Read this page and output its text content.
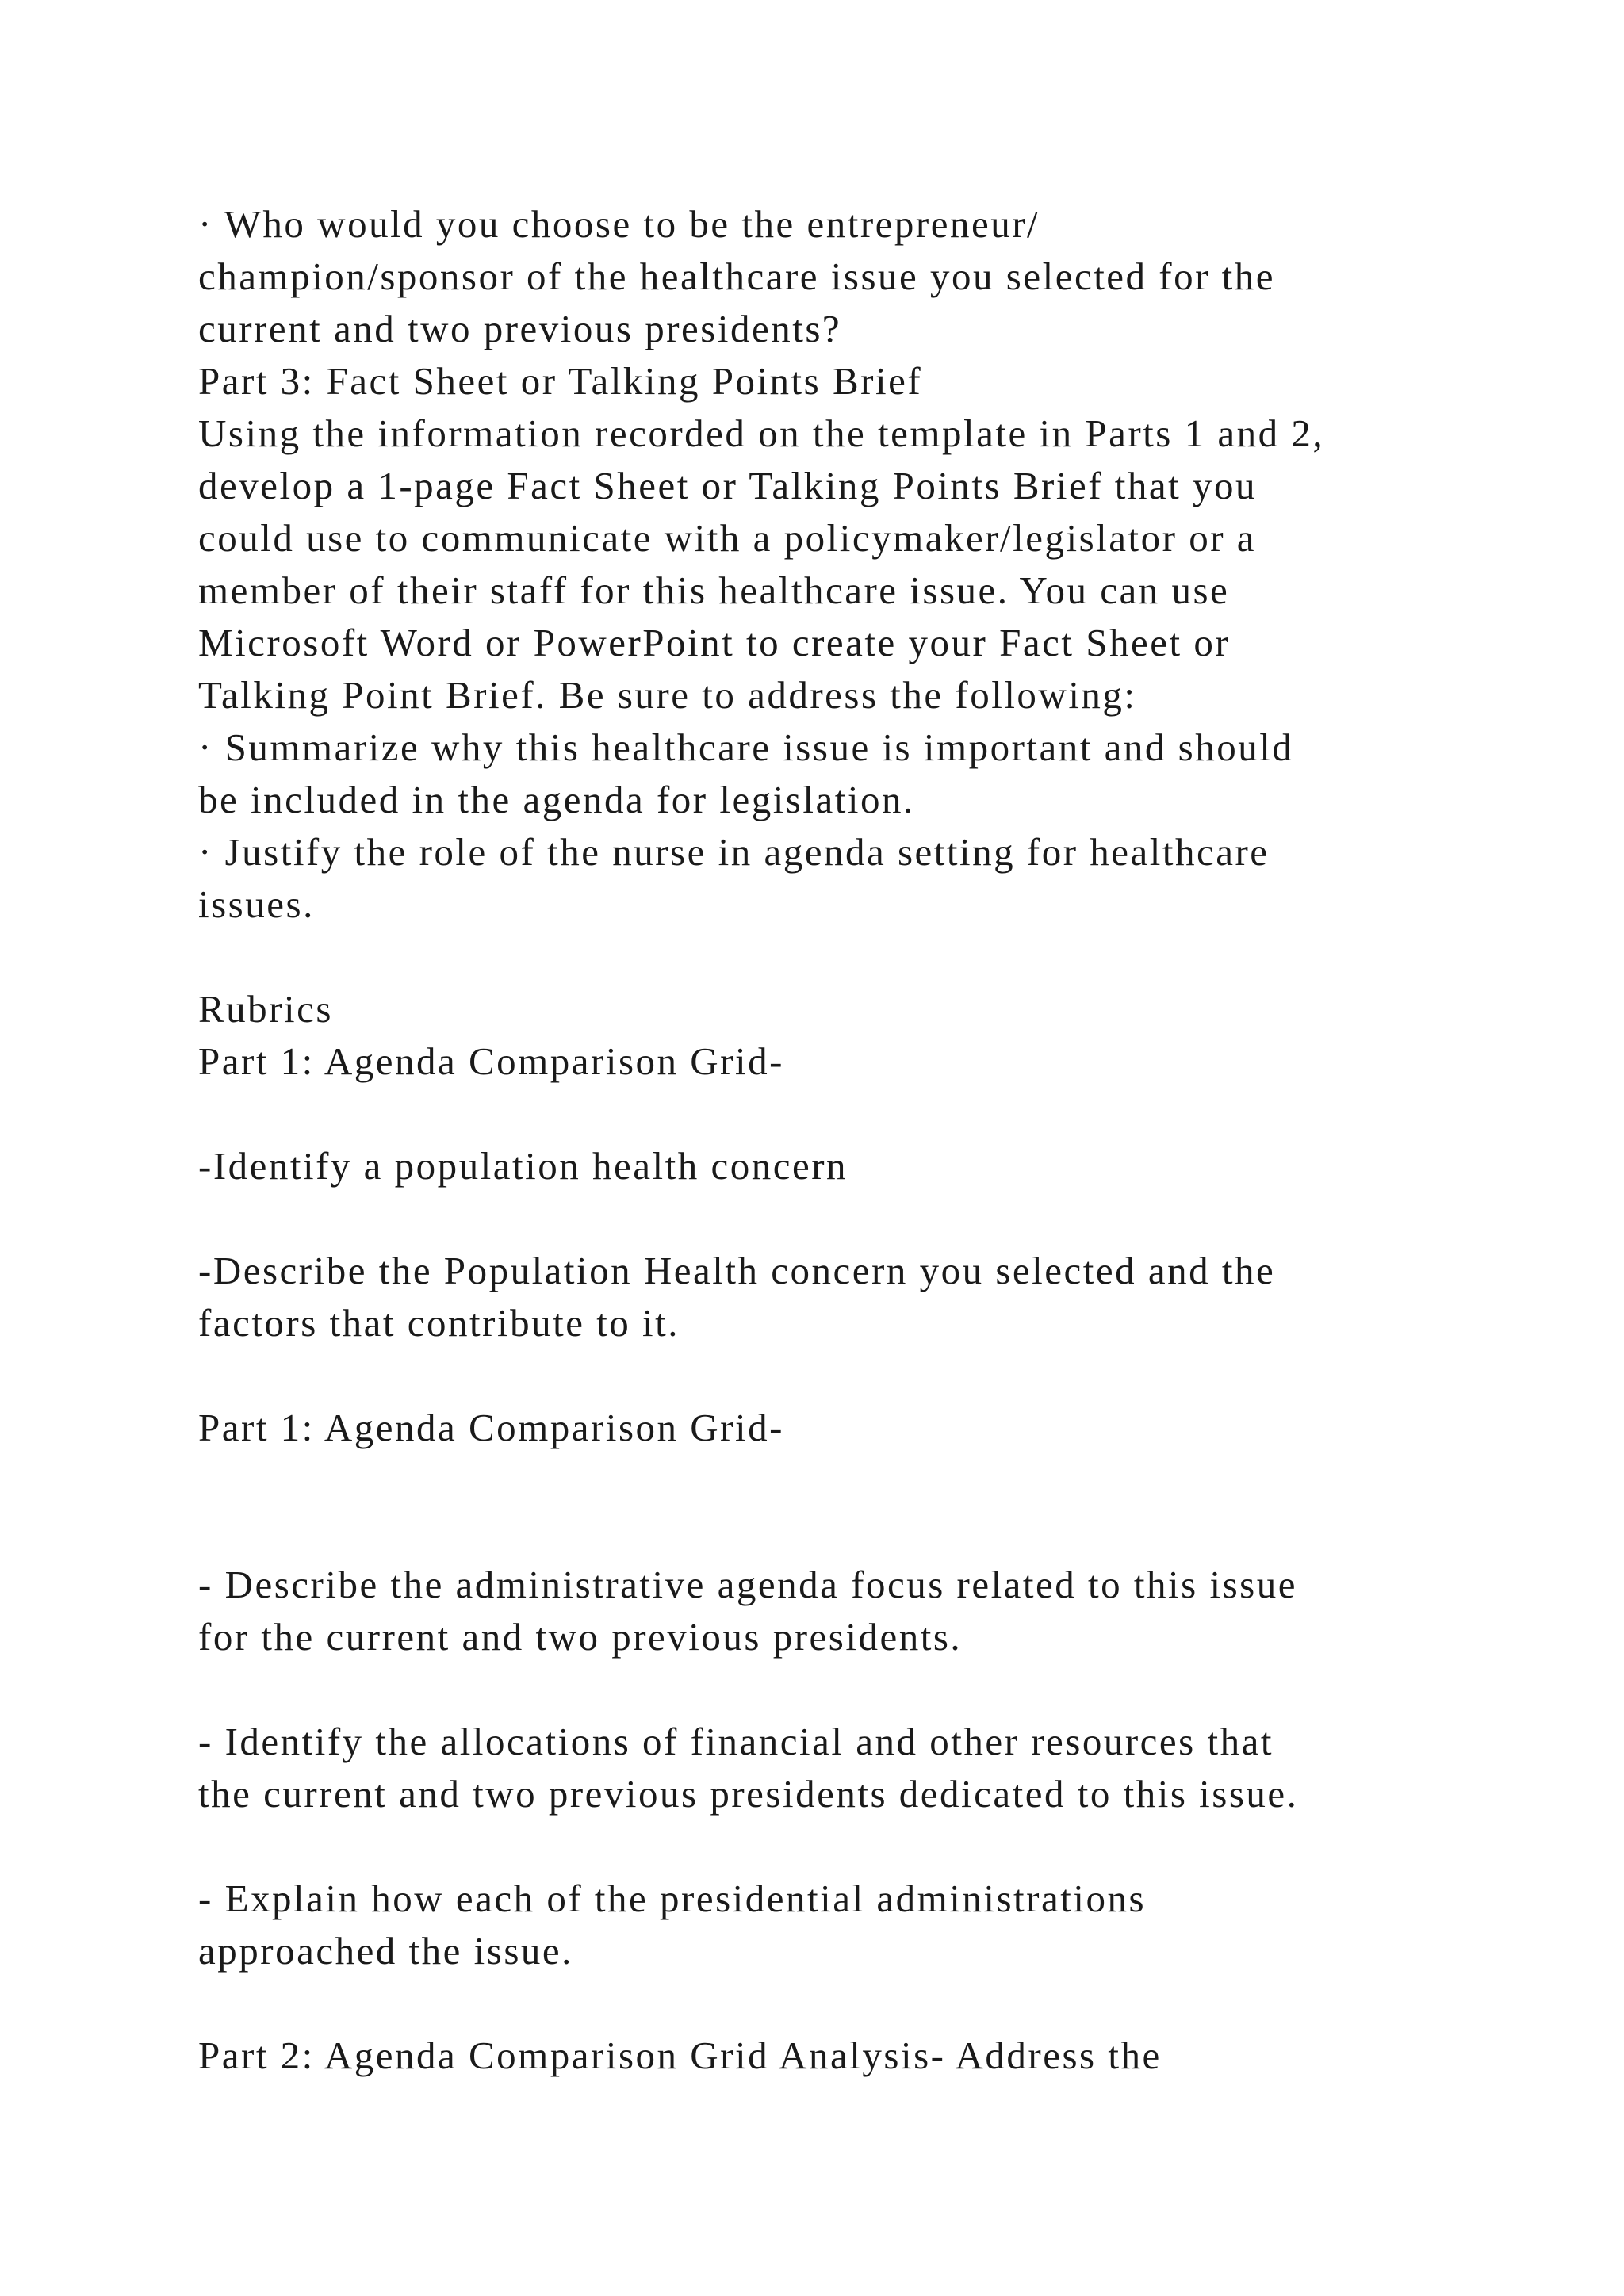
· Who would you choose to be the entrepreneur/
champion/sponsor of the healthcare issue you selected for the
current and two previous presidents?
Part 3: Fact Sheet or Talking Points Brief
Using the information recorded on the template in Parts 1 and 2,
develop a 1-page Fact Sheet or Talking Points Brief that you
could use to communicate with a policymaker/legislator or a
member of their staff for this healthcare issue. You can use
Microsoft Word or PowerPoint to create your Fact Sheet or
Talking Point Brief. Be sure to address the following:
· Summarize why this healthcare issue is important and should
be included in the agenda for legislation.
· Justify the role of the nurse in agenda setting for healthcare
issues.
Rubrics
Part 1: Agenda Comparison Grid-
-Identify a population health concern
-Describe the Population Health concern you selected and the
factors that contribute to it.
Part 1: Agenda Comparison Grid-
- Describe the administrative agenda focus related to this issue
for the current and two previous presidents.
- Identify the allocations of financial and other resources that
the current and two previous presidents dedicated to this issue.
- Explain how each of the presidential administrations
approached the issue.
Part 2: Agenda Comparison Grid Analysis- Address the
